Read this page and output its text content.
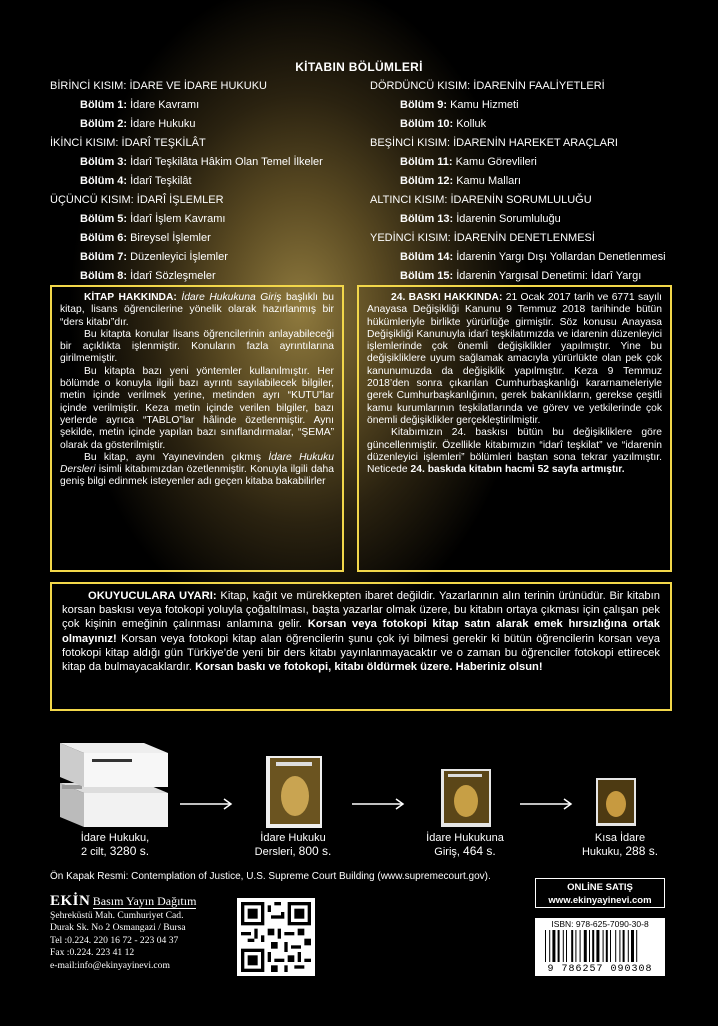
KİTABIN BÖLÜMLERİ
BİRİNCİ KISIM: İDARE VE İDARE HUKUKU
Bölüm 1: İdare Kavramı
Bölüm 2: İdare Hukuku
İKİNCİ KISIM: İDARÎ TEŞKİLÂT
Bölüm 3: İdarî Teşkilâta Hâkim Olan Temel İlkeler
Bölüm 4: İdarî Teşkilât
ÜÇÜNCÜ KISIM: İDARÎ İŞLEMLER
Bölüm 5: İdarî İşlem Kavramı
Bölüm 6: Bireysel İşlemler
Bölüm 7: Düzenleyici İşlemler
Bölüm 8: İdarî Sözleşmeler
DÖRDÜNCÜ KISIM: İDARENİN FAALİYETLERİ
Bölüm 9: Kamu Hizmeti
Bölüm 10: Kolluk
BEŞİNCİ KISIM: İDARENİN HAREKET ARAÇLARI
Bölüm 11: Kamu Görevlileri
Bölüm 12: Kamu Malları
ALTINCI KISIM: İDARENİN SORUMLULUĞU
Bölüm 13: İdarenin Sorumluluğu
YEDİNCİ KISIM: İDARENİN DENETLENMESİ
Bölüm 14: İdarenin Yargı Dışı Yollardan Denetlenmesi
Bölüm 15: İdarenin Yargısal Denetimi: İdarî Yargı

KİTAP HAKKINDA: İdare Hukukuna Giriş başlıklı bu kitap, lisans öğrencilerine yönelik olarak hazırlanmış bir “ders kitabı”dır.

Bu kitapta konular lisans öğrencilerinin anlayabileceği bir açıklıkta işlenmiştir. Konuların fazla ayrıntılarına girilmemiştir.

Bu kitapta bazı yeni yöntemler kullanılmıştır. Her bölümde o konuyla ilgili bazı ayrıntı sayılabilecek bilgiler, metin içinde verilmek yerine, metinden ayrı “KUTU”lar içinde verilmiştir. Keza metin içinde verilen bilgiler, bazı yerlerde ayrıca “TABLO”lar hâlinde özetlenmiştir. Aynı şekilde, metin içinde yapılan bazı sınıflandırmalar, “ŞEMA” olarak da gösterilmiştir.

Bu kitap, aynı Yayınevinden çıkmış İdare Hukuku Dersleri isimli kitabımızdan özetlenmiştir. Konuyla ilgili daha geniş bilgi edinmek isteyenler adı geçen kitaba bakabilirler

24. BASKI HAKKINDA: 21 Ocak 2017 tarih ve 6771 sayılı Anayasa Değişikliği Kanunu 9 Temmuz 2018 tarihinde bütün hükümleriyle birlikte yürürlüğe girmiştir. Söz konusu Anayasa Değişikliği Kanunuyla idarî teşkilatımızda ve idarenin düzenleyici işlemlerinde çok önemli değişiklikler yapılmıştır. Yine bu değişikliklere uyum sağlamak amacıyla yürürlükte olan pek çok kanunumuzda da değişiklik yapılmıştır. Keza 9 Temmuz 2018’den sonra çıkarılan Cumhurbaşkanlığı kararnameleriyle gerek Cumhurbaşkanlığının, gerek bakanlıkların, gerekse çeşitli kamu kurumlarının teşkilatlarında ve görev ve yetkilerinde çok önemli değişiklikler gerçekleştirilmiştir.

Kitabımızın 24. baskısı bütün bu değişikliklere göre güncellenmiştir. Özellikle kitabımızın “idarî teşkilat” ve “idarenin düzenleyici işlemleri” bölümleri baştan sona tekrar yazılmıştır. Neticede 24. baskıda kitabın hacmi 52 sayfa artmıştır.

OKUYUCULARA UYARI: Kitap, kağıt ve mürekkepten ibaret değildir. Yazarlarının alın terinin ürünüdür. Bir kitabın korsan baskısı veya fotokopi yoluyla çoğaltılması, başta yazarlar olmak üzere, bu kitabın ortaya çıkması için çalışan pek çok kişinin emeğinin çalınması anlamına gelir. Korsan veya fotokopi kitap satın alarak emek hırsızlığına ortak olmayınız! Korsan veya fotokopi kitap alan öğrencilerin şunu çok iyi bilmesi gerekir ki bütün öğrencilerin korsan veya fotokopi kitap aldığı gün Türkiye’de yeni bir ders kitabı yayınlanmayacaktır ve o zaman bu öğrenciler fotokopi ettirecek kitap da bulmayacaklardır. Korsan baskı ve fotokopi, kitabı öldürmek üzere. Haberiniz olsun!

İdare Hukuku,
2 cilt, 3280 s.
İdare Hukuku
Dersleri, 800 s.
İdare Hukukuna
Giriş, 464 s.
Kısa İdare
Hukuku, 288 s.
Ön Kapak Resmi: Contemplation of Justice, U.S. Supreme Court Building (www.supremecourt.gov).
EKİN Basım Yayın Dağıtım
Şehreküstü Mah. Cumhuriyet Cad.
Durak Sk. No 2 Osmangazi / Bursa
Tel :0.224. 220 16 72 - 223 04 37
Fax :0.224. 223 41 12
e-mail:info@ekinyayinevi.com
ONLİNE SATIŞ
www.ekinyayinevi.com
ISBN: 978-625-7090-30-8
9 786257 090308
